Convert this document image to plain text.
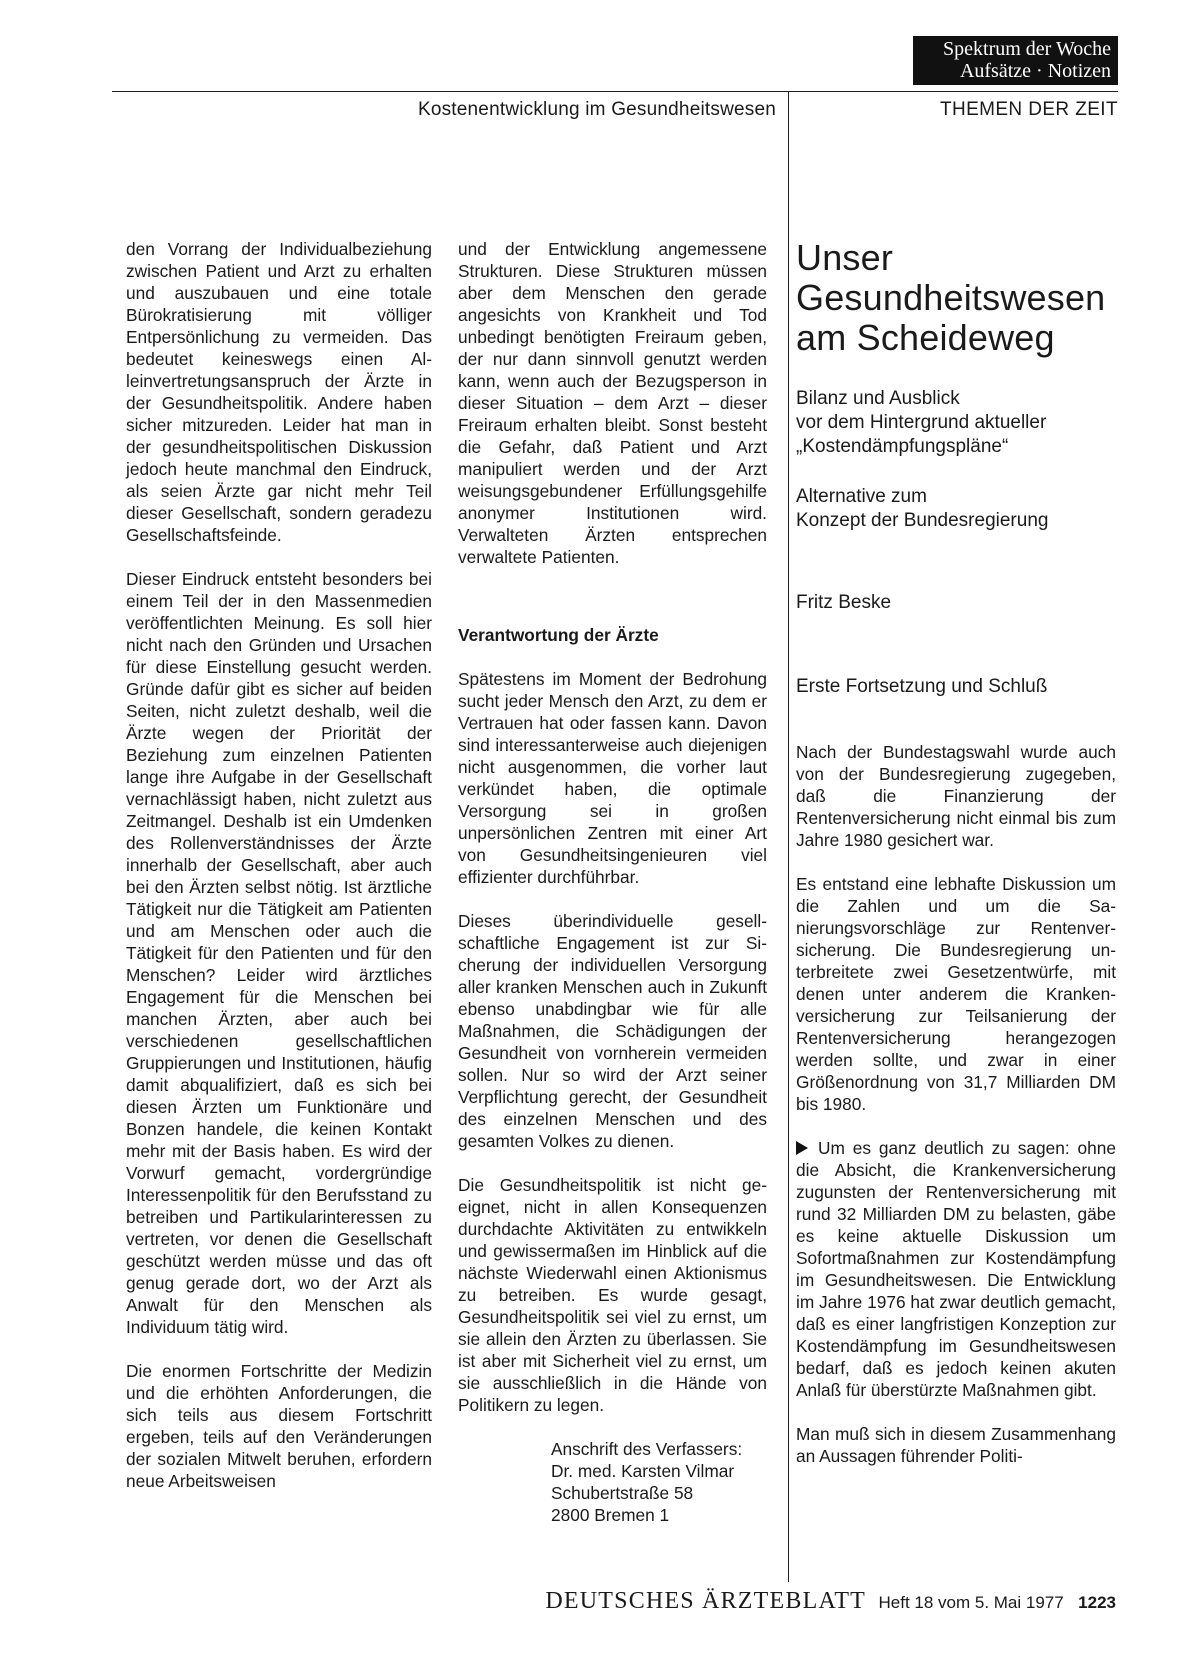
Spektrum der Woche
Aufsätze · Notizen
Kostenentwicklung im Gesundheitswesen	THEMEN DER ZEIT

den Vorrang der Individualbeziehung zwischen Patient und Arzt zu erhalten und auszubauen und eine totale Bürokratisierung mit völliger Entpersönlichung zu vermeiden. Das bedeutet keineswegs einen Alleinvertretungsanspruch der Ärzte in der Gesundheitspolitik. Andere haben sicher mitzureden. Leider hat man in der gesundheitspolitischen Diskussion jedoch heute manchmal den Eindruck, als seien Ärzte gar nicht mehr Teil dieser Gesellschaft, sondern geradezu Gesellschaftsfeinde.

Dieser Eindruck entsteht besonders bei einem Teil der in den Massenmedien veröffentlichten Meinung. Es soll hier nicht nach den Gründen und Ursachen für diese Einstellung gesucht werden. Gründe dafür gibt es sicher auf beiden Seiten, nicht zuletzt deshalb, weil die Ärzte wegen der Priorität der Beziehung zum einzelnen Patienten lange ihre Aufgabe in der Gesellschaft vernachlässigt haben, nicht zuletzt aus Zeitmangel. Deshalb ist ein Umdenken des Rollenverständnisses der Ärzte innerhalb der Gesellschaft, aber auch bei den Ärzten selbst nötig. Ist ärztliche Tätigkeit nur die Tätigkeit am Patienten und am Menschen oder auch die Tätigkeit für den Patienten und für den Menschen? Leider wird ärztliches Engagement für die Menschen bei manchen Ärzten, aber auch bei verschiedenen gesellschaftlichen Gruppierungen und Institutionen, häufig damit abqualifiziert, daß es sich bei diesen Ärzten um Funktionäre und Bonzen handele, die keinen Kontakt mehr mit der Basis haben. Es wird der Vorwurf gemacht, vordergründige Interessenpolitik für den Berufsstand zu betreiben und Partikularinteressen zu vertreten, vor denen die Gesellschaft geschützt werden müsse und das oft genug gerade dort, wo der Arzt als Anwalt für den Menschen als Individuum tätig wird.

Die enormen Fortschritte der Medizin und die erhöhten Anforderungen, die sich teils aus diesem Fortschritt ergeben, teils auf den Veränderungen der sozialen Mitwelt beruhen, erfordern neue Arbeitsweisen

und der Entwicklung angemessene Strukturen. Diese Strukturen müssen aber dem Menschen den gerade angesichts von Krankheit und Tod unbedingt benötigten Freiraum geben, der nur dann sinnvoll genutzt werden kann, wenn auch der Bezugsperson in dieser Situation – dem Arzt – dieser Freiraum erhalten bleibt. Sonst besteht die Gefahr, daß Patient und Arzt manipuliert werden und der Arzt weisungsgebundener Erfüllungsgehilfe anonymer Institutionen wird. Verwalteten Ärzten entsprechen verwaltete Patienten.

Verantwortung der Ärzte

Spätestens im Moment der Bedrohung sucht jeder Mensch den Arzt, zu dem er Vertrauen hat oder fassen kann. Davon sind interessanterweise auch diejenigen nicht ausgenommen, die vorher laut verkündet haben, die optimale Versorgung sei in großen unpersönlichen Zentren mit einer Art von Gesundheitsingenieuren viel effizienter durchführbar.

Dieses überindividuelle gesellschaftliche Engagement ist zur Sicherung der individuellen Versorgung aller kranken Menschen auch in Zukunft ebenso unabdingbar wie für alle Maßnahmen, die Schädigungen der Gesundheit von vornherein vermeiden sollen. Nur so wird der Arzt seiner Verpflichtung gerecht, der Gesundheit des einzelnen Menschen und des gesamten Volkes zu dienen.

Die Gesundheitspolitik ist nicht geeignet, nicht in allen Konsequenzen durchdachte Aktivitäten zu entwikkeln und gewissermaßen im Hinblick auf die nächste Wiederwahl einen Aktionismus zu betreiben. Es wurde gesagt, Gesundheitspolitik sei viel zu ernst, um sie allein den Ärzten zu überlassen. Sie ist aber mit Sicherheit viel zu ernst, um sie ausschließlich in die Hände von Politikern zu legen.

Anschrift des Verfassers:
Dr. med. Karsten Vilmar
Schubertstraße 58
2800 Bremen 1
Unser
Gesundheitswesen
am Scheideweg
Bilanz und Ausblick
vor dem Hintergrund aktueller
„Kostendämpfungspläne“
Alternative zum
Konzept der Bundesregierung
Fritz Beske
Erste Fortsetzung und Schluß

Nach der Bundestagswahl wurde auch von der Bundesregierung zugegeben, daß die Finanzierung der Rentenversicherung nicht einmal bis zum Jahre 1980 gesichert war.

Es entstand eine lebhafte Diskussion um die Zahlen und um die Sanierungsvorschläge zur Rentenversicherung. Die Bundesregierung unterbreitete zwei Gesetzentwürfe, mit denen unter anderem die Krankenversicherung zur Teilsanierung der Rentenversicherung herangezogen werden sollte, und zwar in einer Größenordnung von 31,7 Milliarden DM bis 1980.

Um es ganz deutlich zu sagen: ohne die Absicht, die Krankenversicherung zugunsten der Rentenversicherung mit rund 32 Milliarden DM zu belasten, gäbe es keine aktuelle Diskussion um Sofortmaßnahmen zur Kostendämpfung im Gesundheitswesen. Die Entwicklung im Jahre 1976 hat zwar deutlich gemacht, daß es einer langfristigen Konzeption zur Kostendämpfung im Gesundheitswesen bedarf, daß es jedoch keinen akuten Anlaß für überstürzte Maßnahmen gibt.

Man muß sich in diesem Zusammenhang an Aussagen führender Politi-

DEUTSCHES ÄRZTEBLATT Heft 18 vom 5. Mai 1977 1223
